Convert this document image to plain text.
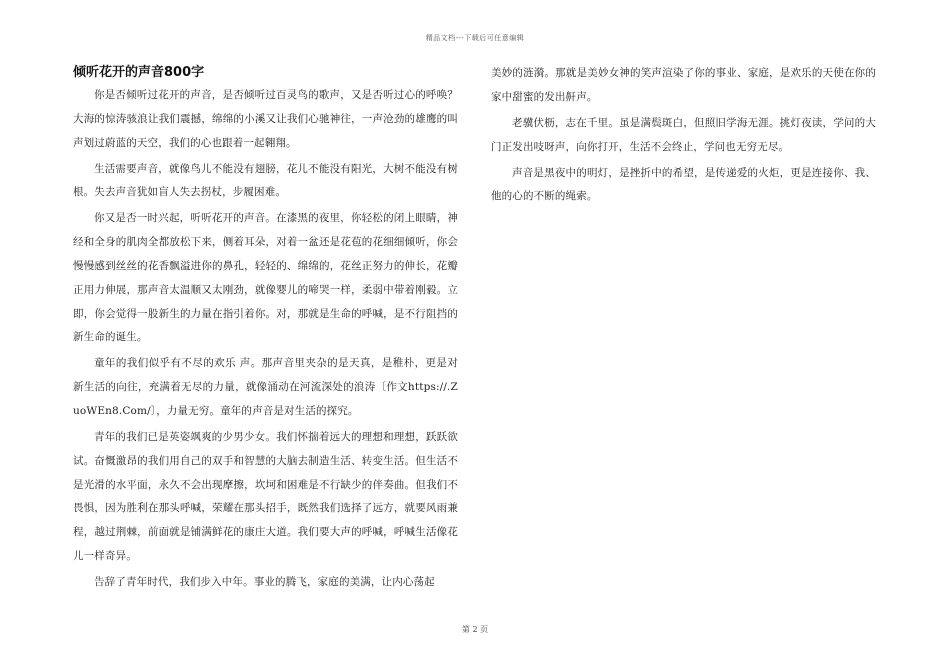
精品文档---下载后可任意编辑
倾听花开的声音800字

你是否倾听过花开的声音，是否倾听过百灵鸟的歌声，又是否听过心的呼唤？大海的惊涛骇浪让我们震撼，绵绵的小溪又让我们心驰神往，一声沧劲的雄鹰的叫声划过蔚蓝的天空，我们的心也跟着一起翱翔。

生活需要声音，就像鸟儿不能没有翅膀，花儿不能没有阳光，大树不能没有树根。失去声音犹如盲人失去拐杖，步履困难。

你又是否一时兴起，听听花开的声音。在漆黑的夜里，你轻松的闭上眼睛，神经和全身的肌肉全都放松下来，侧着耳朵，对着一盆还是花苞的花细细倾听，你会慢慢感到丝丝的花香飘溢进你的鼻孔，轻轻的、绵绵的，花丝正努力的伸长，花瓣正用力伸展，那声音太温顺又太刚劲，就像婴儿的啼哭一样，柔弱中带着刚毅。立即，你会觉得一股新生的力量在指引着你。对，那就是生命的呼喊，是不行阻挡的新生命的诞生。

童年的我们似乎有不尽的欢乐 声。那声音里夹杂的是天真，是稚朴，更是对新生活的向往，充满着无尽的力量，就像涌动在河流深处的浪涛〔作文https://.ZuoWEn8.Com/〕，力量无穷。童年的声音是对生活的探究。

青年的我们已是英姿飒爽的少男少女。我们怀揣着远大的理想和理想，跃跃欲试。奋慨激昂的我们用自己的双手和智慧的大脑去制造生活、转变生活。但生活不是光滑的水平面，永久不会出现摩擦，坎坷和困难是不行缺少的伴奏曲。但我们不畏惧，因为胜利在那头呼喊，荣耀在那头招手，既然我们选择了远方，就要风雨兼程，越过荆棘，前面就是铺满鲜花的康庄大道。我们要大声的呼喊，呼喊生活像花儿一样奇异。

告辞了青年时代，我们步入中年。事业的腾飞，家庭的美满，让内心荡起

美妙的涟漪。那就是美妙女神的笑声渲染了你的事业、家庭，是欢乐的天使在你的家中甜蜜的发出鼾声。

老骥伏枥，志在千里。虽是满鬓斑白，但照旧学海无涯。挑灯夜读，学问的大门正发出吱呀声，向你打开，生活不会终止，学问也无穷无尽。

声音是黑夜中的明灯，是挫折中的希望，是传递爱的火炬，更是连接你、我、他的心的不断的绳索。

第 2 页
